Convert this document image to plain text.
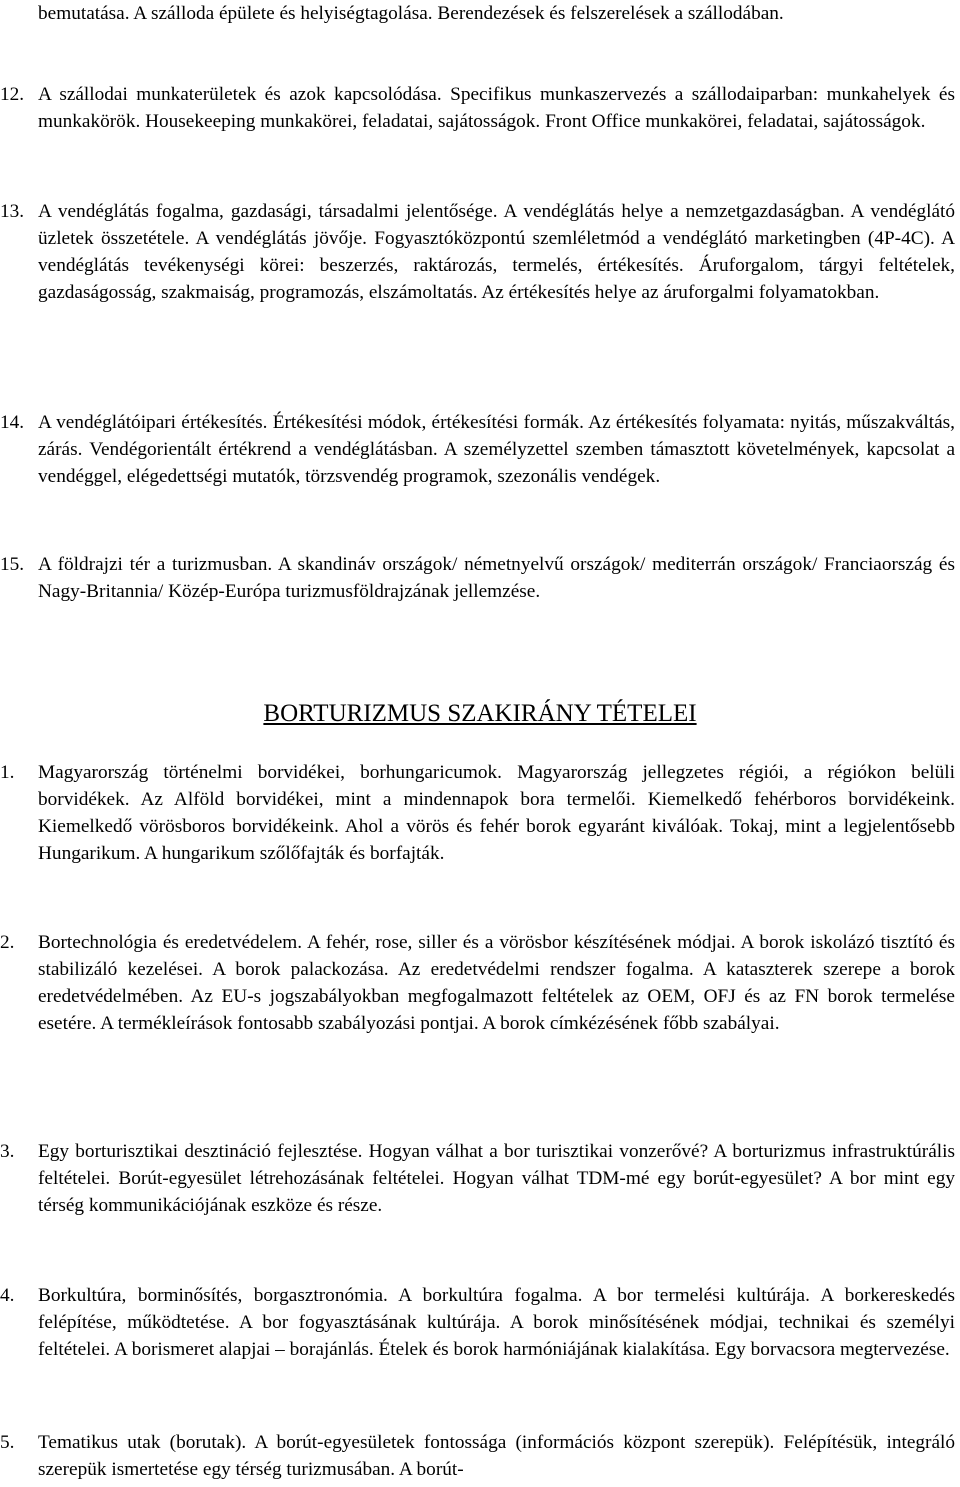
bemutatása. A szálloda épülete és helyiségtagolása. Berendezések és felszerelések a szállodában.

12. A szállodai munkaterületek és azok kapcsolódása. Specifikus munkaszervezés a szállodaiparban: munkahelyek és munkakörök. Housekeeping munkakörei, feladatai, sajátosságok. Front Office munkakörei, feladatai, sajátosságok.

13. A vendéglátás fogalma, gazdasági, társadalmi jelentősége. A vendéglátás helye a nemzetgazdaságban. A vendéglátó üzletek összetétele. A vendéglátás jövője. Fogyasztóközpontú szemléletmód a vendéglátó marketingben (4P-4C). A vendéglátás tevékenységi körei: beszerzés, raktározás, termelés, értékesítés. Áruforgalom, tárgyi feltételek, gazdaságosság, szakmaiság, programozás, elszámoltatás. Az értékesítés helye az áruforgalmi folyamatokban.

14. A vendéglátóipari értékesítés. Értékesítési módok, értékesítési formák. Az értékesítés folyamata: nyitás, műszakváltás, zárás. Vendégorientált értékrend a vendéglátásban. A személyzettel szemben támasztott követelmények, kapcsolat a vendéggel, elégedettségi mutatók, törzsvendég programok, szezonális vendégek.

15. A földrajzi tér a turizmusban. A skandináv országok/ németnyelvű országok/ mediterrán országok/ Franciaország és Nagy-Britannia/ Közép-Európa turizmusföldrajzának jellemzése.

BORTURIZMUS SZAKIRÁNY TÉTELEI

1.	Magyarország történelmi borvidékei, borhungaricumok. Magyarország jellegzetes régiói, a régiókon belüli borvidékek. Az Alföld borvidékei, mint a mindennapok bora termelői. Kiemelkedő fehérboros borvidékeink. Kiemelkedő vörösboros borvidékeink. Ahol a vörös és fehér borok egyaránt kiválóak. Tokaj, mint a legjelentősebb Hungarikum. A hungarikum szőlőfajták és borfajták.

2.	Bortechnológia és eredetvédelem. A fehér, rose, siller és a vörösbor készítésének módjai. A borok iskolázó tisztító és stabilizáló kezelései. A borok palackozása. Az eredetvédelmi rendszer fogalma. A kataszterek szerepe a borok eredetvédelmében. Az EU-s jogszabályokban megfogalmazott feltételek az OEM, OFJ és az FN borok termelése esetére. A termékleírások fontosabb szabályozási pontjai. A borok címkézésének főbb szabályai.

3.	Egy borturisztikai desztináció fejlesztése. Hogyan válhat a bor turisztikai vonzerővé? A borturizmus infrastruktúrális feltételei. Borút-egyesület létrehozásának feltételei. Hogyan válhat TDM-mé egy borút-egyesület? A bor mint egy térség kommunikációjának eszköze és része.

4.	Borkultúra, borminősítés, borgasztronómia. A borkultúra fogalma. A bor termelési kultúrája. A borkereskedés felépítése, működtetése. A bor fogyasztásának kultúrája. A borok minősítésének módjai, technikai és személyi feltételei. A borismeret alapjai – borajánlás. Ételek és borok harmóniájának kialakítása. Egy borvacsora megtervezése.

5.	Tematikus utak (borutak). A borút-egyesületek fontossága (információs központ szerepük). Felépítésük, integráló szerepük ismertetése egy térség turizmusában. A borút-
